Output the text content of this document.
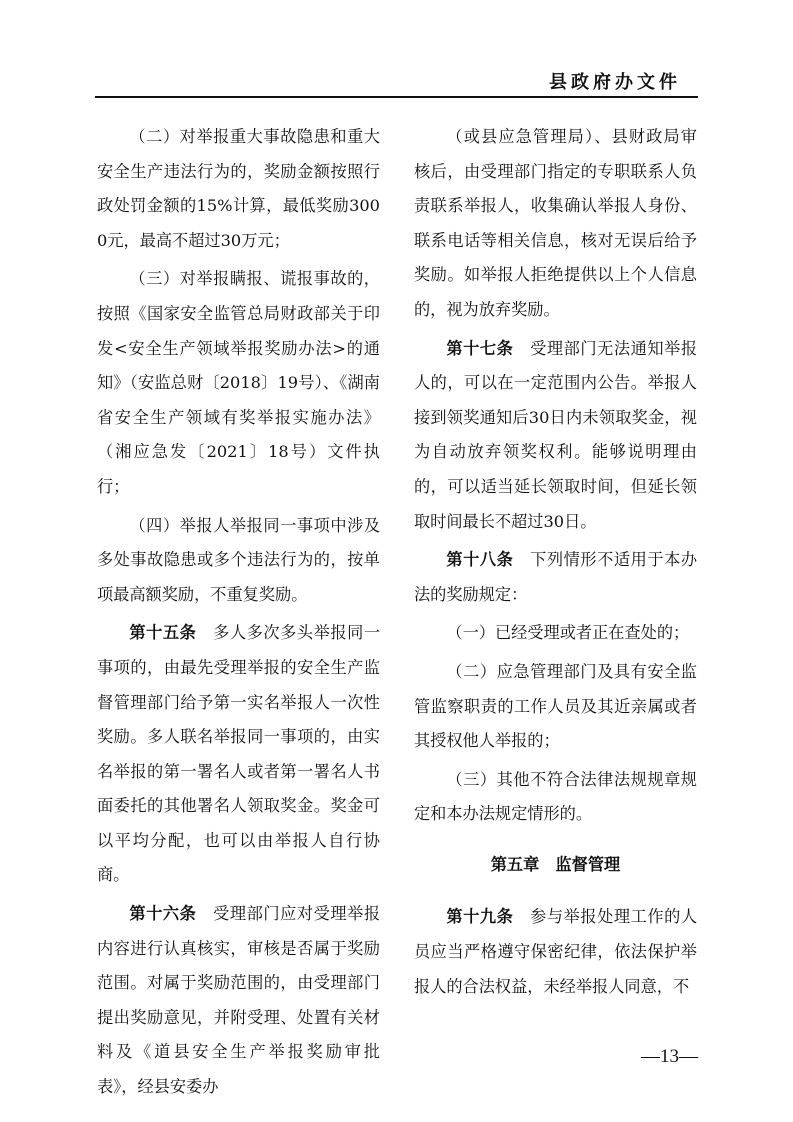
县政府办文件

（二）对举报重大事故隐患和重大安全生产违法行为的，奖励金额按照行政处罚金额的15%计算，最低奖励3000元，最高不超过30万元；

（三）对举报瞒报、谎报事故的，按照《国家安全监管总局财政部关于印发<安全生产领域举报奖励办法>的通知》（安监总财〔2018〕19号）、《湖南省安全生产领域有奖举报实施办法》（湘应急发〔2021〕18号）文件执行；

（四）举报人举报同一事项中涉及多处事故隐患或多个违法行为的，按单项最高额奖励，不重复奖励。

第十五条　 多人多次多头举报同一事项的，由最先受理举报的安全生产监督管理部门给予第一实名举报人一次性奖励。多人联名举报同一事项的，由实名举报的第一署名人或者第一署名人书面委托的其他署名人领取奖金。奖金可以平均分配，也可以由举报人自行协商。

第十六条　 受理部门应对受理举报内容进行认真核实，审核是否属于奖励范围。对属于奖励范围的，由受理部门提出奖励意见，并附受理、处置有关材料及《道县安全生产举报奖励审批表》，经县安委办

（或县应急管理局）、县财政局审核后，由受理部门指定的专职联系人负责联系举报人，收集确认举报人身份、联系电话等相关信息，核对无误后给予奖励。如举报人拒绝提供以上个人信息的，视为放弃奖励。

第十七条　 受理部门无法通知举报人的，可以在一定范围内公告。举报人接到领奖通知后30日内未领取奖金，视为自动放弃领奖权利。能够说明理由的，可以适当延长领取时间，但延长领取时间最长不超过30日。

第十八条　 下列情形不适用于本办法的奖励规定：

（一）已经受理或者正在查处的；

（二）应急管理部门及具有安全监管监察职责的工作人员及其近亲属或者其授权他人举报的；

（三）其他不符合法律法规规章规定和本办法规定情形的。

第五章　监督管理

第十九条　 参与举报处理工作的人员应当严格遵守保密纪律，依法保护举报人的合法权益，未经举报人同意，不

—13—
